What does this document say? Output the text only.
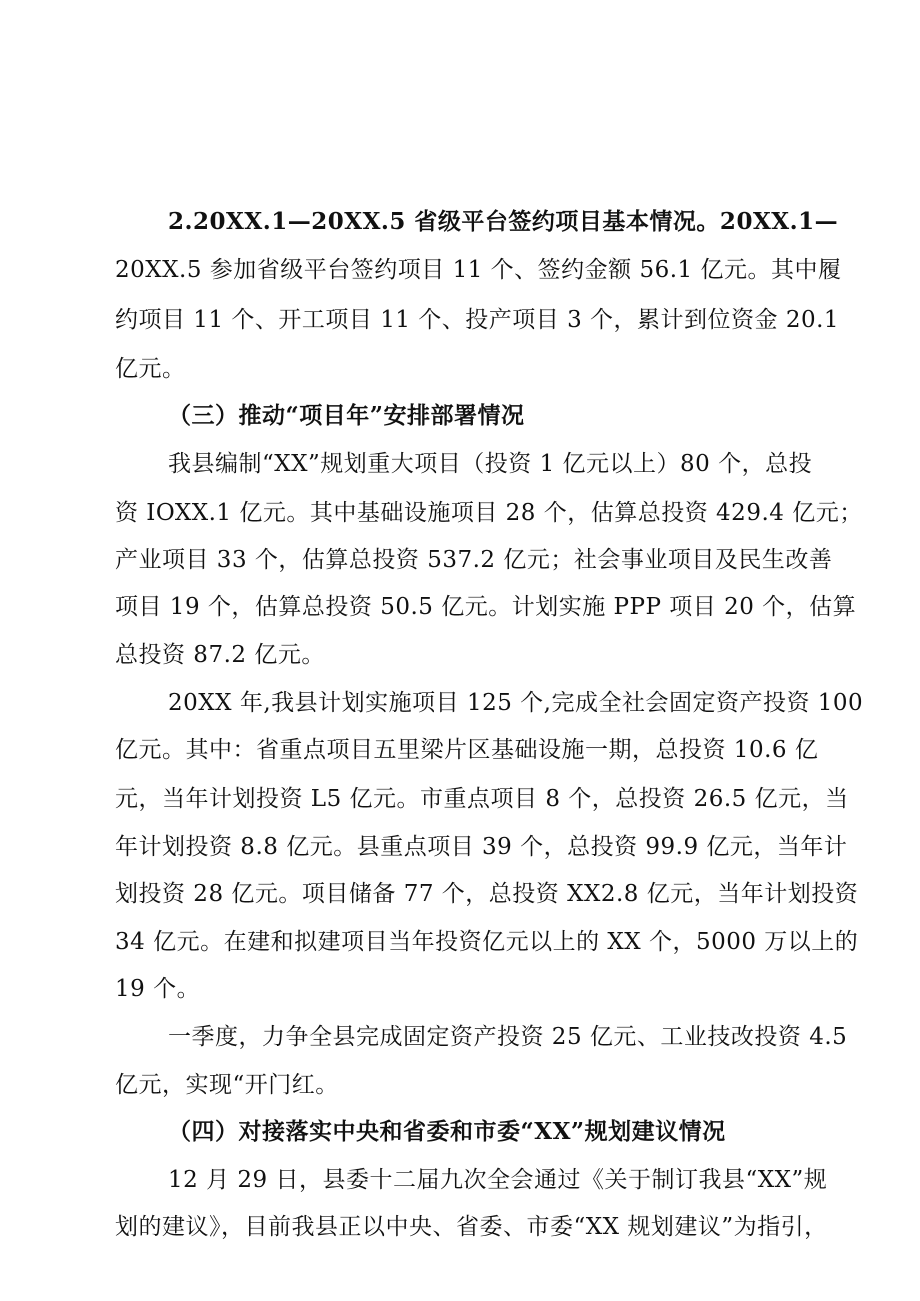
2.20XX.1—20XX.5 省级平台签约项目基本情况。20XX.1—

20XX.5 参加省级平台签约项目 11 个、签约金额 56.1 亿元。其中履

约项目 11 个、开工项目 11 个、投产项目 3 个，累计到位资金 20.1

亿元。

（三）推动“项目年”安排部署情况

我县编制“XX”规划重大项目（投资 1 亿元以上）80 个，总投

资 IOXX.1 亿元。其中基础设施项目 28 个，估算总投资 429.4 亿元；

产业项目 33 个，估算总投资 537.2 亿元；社会事业项目及民生改善

项目 19 个，估算总投资 50.5 亿元。计划实施 PPP 项目 20 个，估算

总投资 87.2 亿元。

20XX 年,我县计划实施项目 125 个,完成全社会固定资产投资 100

亿元。其中：省重点项目五里梁片区基础设施一期，总投资 10.6 亿

元，当年计划投资 L5 亿元。市重点项目 8 个，总投资 26.5 亿元，当

年计划投资 8.8 亿元。县重点项目 39 个，总投资 99.9 亿元，当年计

划投资 28 亿元。项目储备 77 个，总投资 XX2.8 亿元，当年计划投资

34 亿元。在建和拟建项目当年投资亿元以上的 XX 个，5000 万以上的

19 个。

一季度，力争全县完成固定资产投资 25 亿元、工业技改投资 4.5

亿元，实现“开门红。

（四）对接落实中央和省委和市委“XX”规划建议情况

12 月 29 日，县委十二届九次全会通过《关于制订我县“XX”规

划的建议》，目前我县正以中央、省委、市委“XX 规划建议”为指引，
